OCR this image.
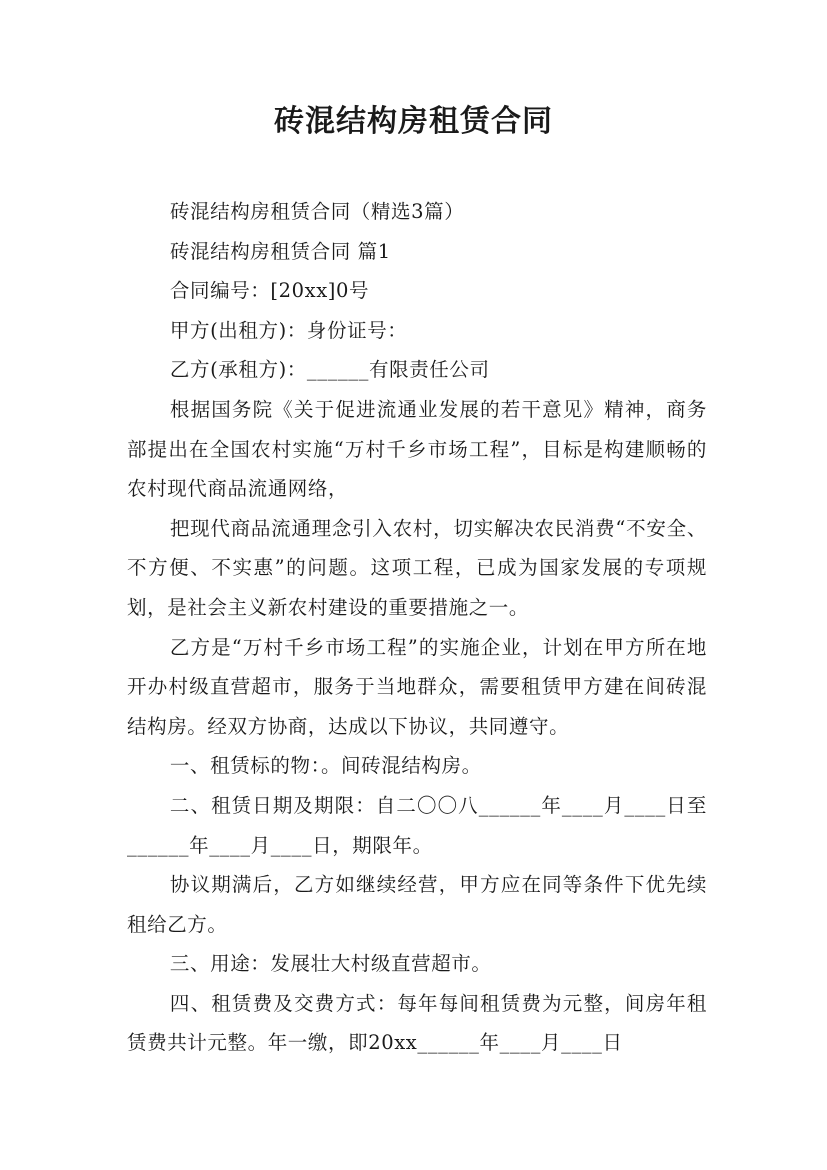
砖混结构房租赁合同

砖混结构房租赁合同（精选3篇）

砖混结构房租赁合同 篇1

合同编号：[20xx]0号

甲方(出租方)：身份证号：

乙方(承租方)：______有限责任公司

根据国务院《关于促进流通业发展的若干意见》精神，商务部提出在全国农村实施“万村千乡市场工程”，目标是构建顺畅的农村现代商品流通网络，

把现代商品流通理念引入农村，切实解决农民消费“不安全、不方便、不实惠”的问题。这项工程，已成为国家发展的专项规划，是社会主义新农村建设的重要措施之一。

乙方是“万村千乡市场工程”的实施企业，计划在甲方所在地开办村级直营超市，服务于当地群众，需要租赁甲方建在间砖混结构房。经双方协商，达成以下协议，共同遵守。

一、租赁标的物：。间砖混结构房。

二、租赁日期及期限：自二〇〇八______年____月____日至______年____月____日，期限年。

协议期满后，乙方如继续经营，甲方应在同等条件下优先续租给乙方。

三、用途：发展壮大村级直营超市。

四、租赁费及交费方式：每年每间租赁费为元整，间房年租赁费共计元整。年一缴，即20xx______年____月____日
